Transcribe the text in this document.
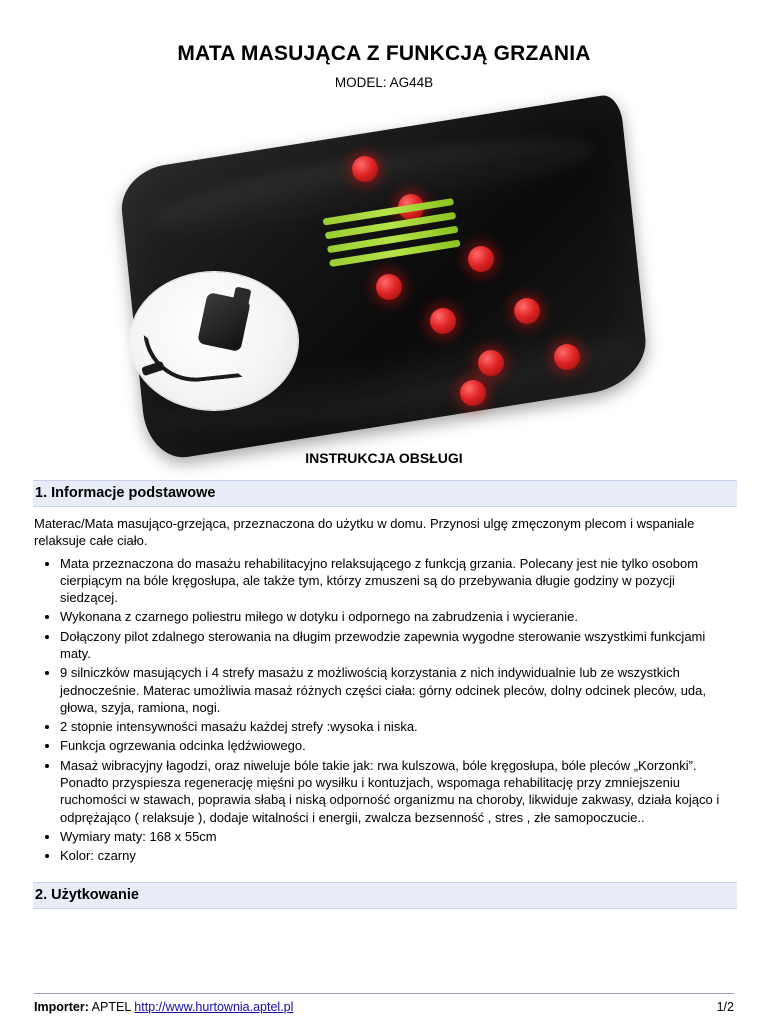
MATA MASUJĄCA Z FUNKCJĄ GRZANIA
MODEL: AG44B
INSTRUKCJA OBSŁUGI
1. Informacje podstawowe
Materac/Mata masująco-grzejąca, przeznaczona do użytku w domu. Przynosi ulgę zmęczonym plecom i wspaniale relaksuje całe ciało.
• Mata przeznaczona do masażu rehabilitacyjno relaksującego z funkcją grzania. Polecany jest nie tylko osobom cierpiącym na bóle kręgosłupa, ale także tym, którzy zmuszeni są do przebywania długie godziny w pozycji siedzącej.
• Wykonana z czarnego poliestru miłego w dotyku i odpornego na zabrudzenia i wycieranie.
• Dołączony pilot zdalnego sterowania na długim przewodzie zapewnia wygodne sterowanie wszystkimi funkcjami maty.
• 9 silniczków masujących i 4 strefy masażu z możliwością korzystania z nich indywidualnie lub ze wszystkich jednocześnie. Materac umożliwia masaż różnych części ciała: górny odcinek pleców, dolny odcinek pleców, uda, głowa, szyja, ramiona, nogi.
• 2 stopnie intensywności masażu każdej strefy :wysoka i niska.
• Funkcja ogrzewania odcinka lędźwiowego.
• Masaż wibracyjny łagodzi, oraz niweluje bóle takie jak: rwa kulszowa, bóle kręgosłupa, bóle pleców „Korzonki”. Ponadto przyspiesza regenerację mięśni po wysiłku i kontuzjach, wspomaga rehabilitację przy zmniejszeniu ruchomości w stawach, poprawia słabą i niską odporność organizmu na choroby, likwiduje zakwasy, działa kojąco i odprężająco ( relaksuje ), dodaje witalności i energii, zwalcza bezsenność , stres , złe samopoczucie..
• Wymiary maty: 168 x 55cm
• Kolor: czarny
2. Użytkowanie
Importer: APTEL http://www.hurtownia.aptel.pl	1/2
